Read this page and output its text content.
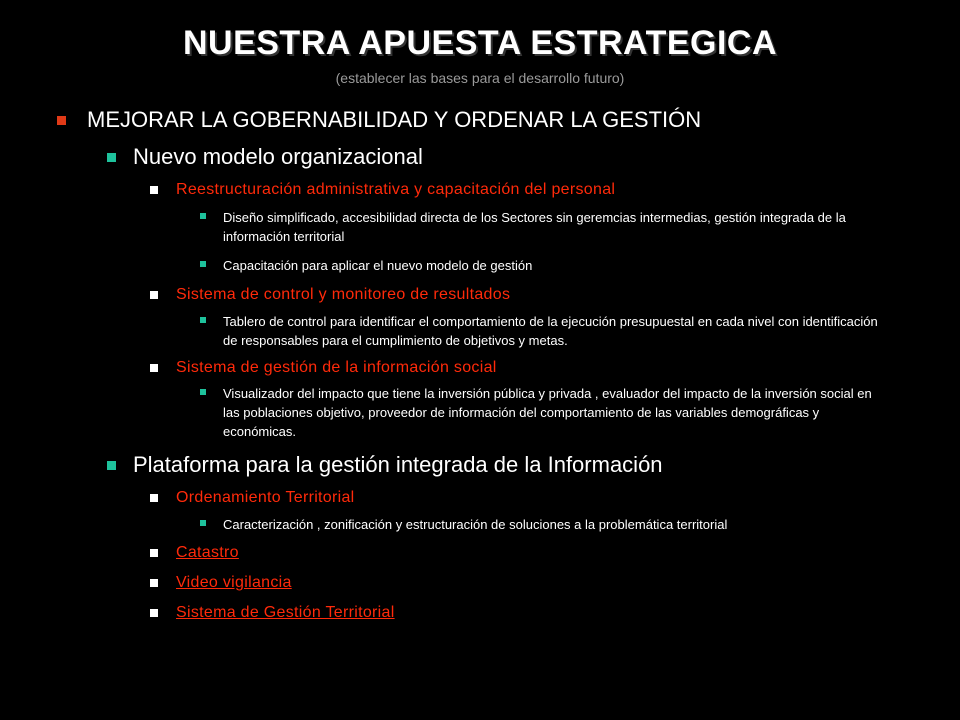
NUESTRA APUESTA ESTRATEGICA
(establecer las bases para el desarrollo futuro)
MEJORAR LA GOBERNABILIDAD Y ORDENAR LA GESTIÓN
Nuevo modelo organizacional
Reestructuración administrativa y capacitación del personal
Diseño simplificado, accesibilidad directa de los Sectores sin geremcias intermedias, gestión integrada de la información territorial
Capacitación para aplicar el nuevo modelo de gestión
Sistema de control y monitoreo de resultados
Tablero de control para identificar el comportamiento de la ejecución presupuestal en cada nivel con identificación de responsables para el cumplimiento de objetivos y metas.
Sistema de gestión de la información social
Visualizador del impacto que tiene la inversión pública y privada , evaluador del impacto de la inversión social en las poblaciones objetivo, proveedor de información del comportamiento de las variables demográficas y económicas.
Plataforma para la gestión integrada de la Información
Ordenamiento Territorial
Caracterización , zonificación y estructuración de soluciones a la problemática territorial
Catastro
Video vigilancia
Sistema de Gestión Territorial
